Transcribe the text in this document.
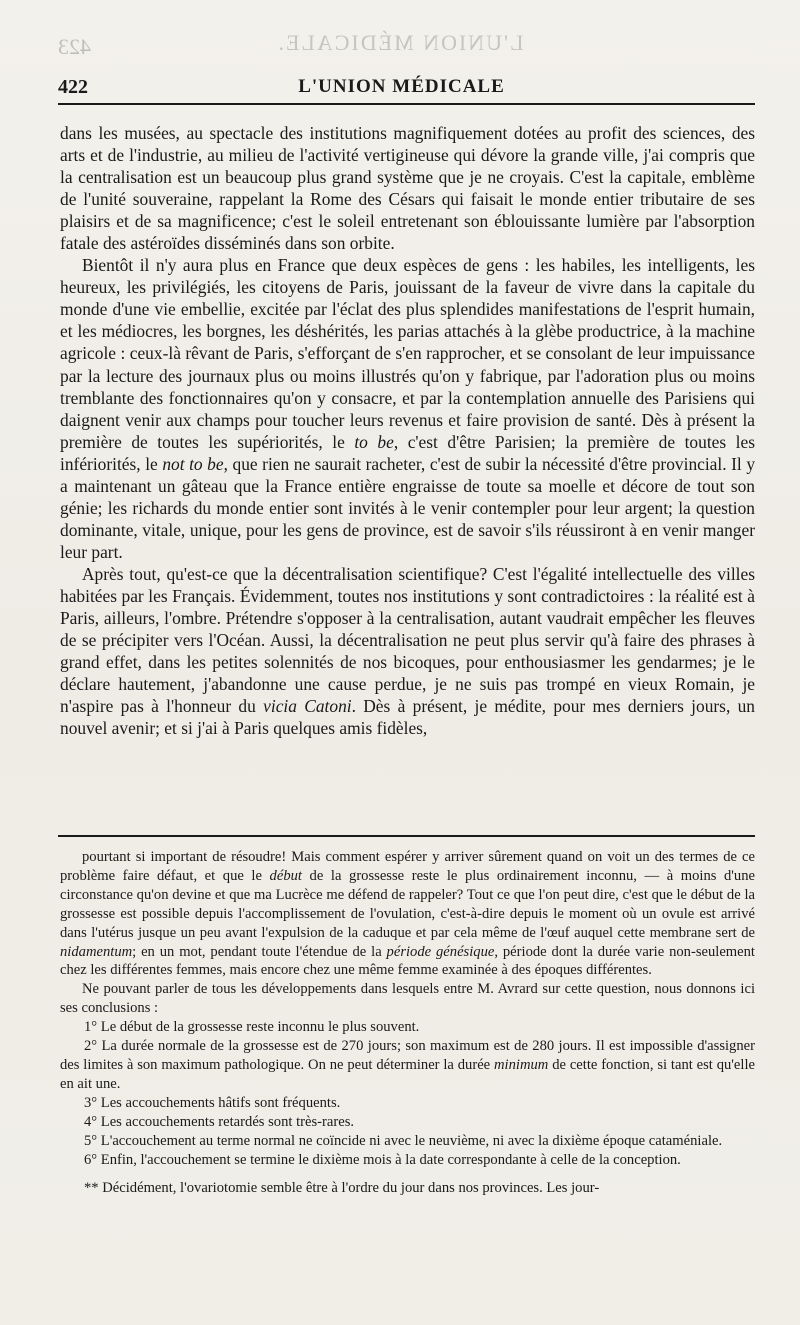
L'UNION MÉDICALE.
423
422	L'UNION MÉDICALE

dans les musées, au spectacle des institutions magnifiquement dotées au profit des sciences, des arts et de l'industrie, au milieu de l'activité vertigineuse qui dévore la grande ville, j'ai compris que la centralisation est un beaucoup plus grand système que je ne croyais. C'est la capitale, emblème de l'unité souveraine, rappelant la Rome des Césars qui faisait le monde entier tributaire de ses plaisirs et de sa magnificence; c'est le soleil entretenant son éblouissante lumière par l'absorption fatale des astéroïdes disséminés dans son orbite.

Bientôt il n'y aura plus en France que deux espèces de gens : les habiles, les intelligents, les heureux, les privilégiés, les citoyens de Paris, jouissant de la faveur de vivre dans la capitale du monde d'une vie embellie, excitée par l'éclat des plus splendides manifestations de l'esprit humain, et les médiocres, les borgnes, les déshérités, les parias attachés à la glèbe productrice, à la machine agricole : ceux-là rêvant de Paris, s'efforçant de s'en rapprocher, et se consolant de leur impuissance par la lecture des journaux plus ou moins illustrés qu'on y fabrique, par l'adoration plus ou moins tremblante des fonctionnaires qu'on y consacre, et par la contemplation annuelle des Parisiens qui daignent venir aux champs pour toucher leurs revenus et faire provision de santé. Dès à présent la première de toutes les supériorités, le to be, c'est d'être Parisien; la première de toutes les infériorités, le not to be, que rien ne saurait racheter, c'est de subir la nécessité d'être provincial. Il y a maintenant un gâteau que la France entière engraisse de toute sa moelle et décore de tout son génie; les richards du monde entier sont invités à le venir contempler pour leur argent; la question dominante, vitale, unique, pour les gens de province, est de savoir s'ils réussiront à en venir manger leur part.

Après tout, qu'est-ce que la décentralisation scientifique? C'est l'égalité intellectuelle des villes habitées par les Français. Évidemment, toutes nos institutions y sont contradictoires : la réalité est à Paris, ailleurs, l'ombre. Prétendre s'opposer à la centralisation, autant vaudrait empêcher les fleuves de se précipiter vers l'Océan. Aussi, la décentralisation ne peut plus servir qu'à faire des phrases à grand effet, dans les petites solennités de nos bicoques, pour enthousiasmer les gendarmes; je le déclare hautement, j'abandonne une cause perdue, je ne suis pas trompé en vieux Romain, je n'aspire pas à l'honneur du vicia Catoni. Dès à présent, je médite, pour mes derniers jours, un nouvel avenir; et si j'ai à Paris quelques amis fidèles,

pourtant si important de résoudre! Mais comment espérer y arriver sûrement quand on voit un des termes de ce problème faire défaut, et que le début de la grossesse reste le plus ordinairement inconnu, — à moins d'une circonstance qu'on devine et que ma Lucrèce me défend de rappeler? Tout ce que l'on peut dire, c'est que le début de la grossesse est possible depuis l'accomplissement de l'ovulation, c'est-à-dire depuis le moment où un ovule est arrivé dans l'utérus jusque un peu avant l'expulsion de la caduque et par cela même de l'œuf auquel cette membrane sert de nidamentum; en un mot, pendant toute l'étendue de la période génésique, période dont la durée varie non-seulement chez les différentes femmes, mais encore chez une même femme examinée à des époques différentes.

Ne pouvant parler de tous les développements dans lesquels entre M. Avrard sur cette question, nous donnons ici ses conclusions :

1° Le début de la grossesse reste inconnu le plus souvent.

2° La durée normale de la grossesse est de 270 jours; son maximum est de 280 jours. Il est impossible d'assigner des limites à son maximum pathologique. On ne peut déterminer la durée minimum de cette fonction, si tant est qu'elle en ait une.

3° Les accouchements hâtifs sont fréquents.

4° Les accouchements retardés sont très-rares.

5° L'accouchement au terme normal ne coïncide ni avec le neuvième, ni avec la dixième époque cataméniale.

6° Enfin, l'accouchement se termine le dixième mois à la date correspondante à celle de la conception.

** Décidément, l'ovariotomie semble être à l'ordre du jour dans nos provinces. Les jour-
